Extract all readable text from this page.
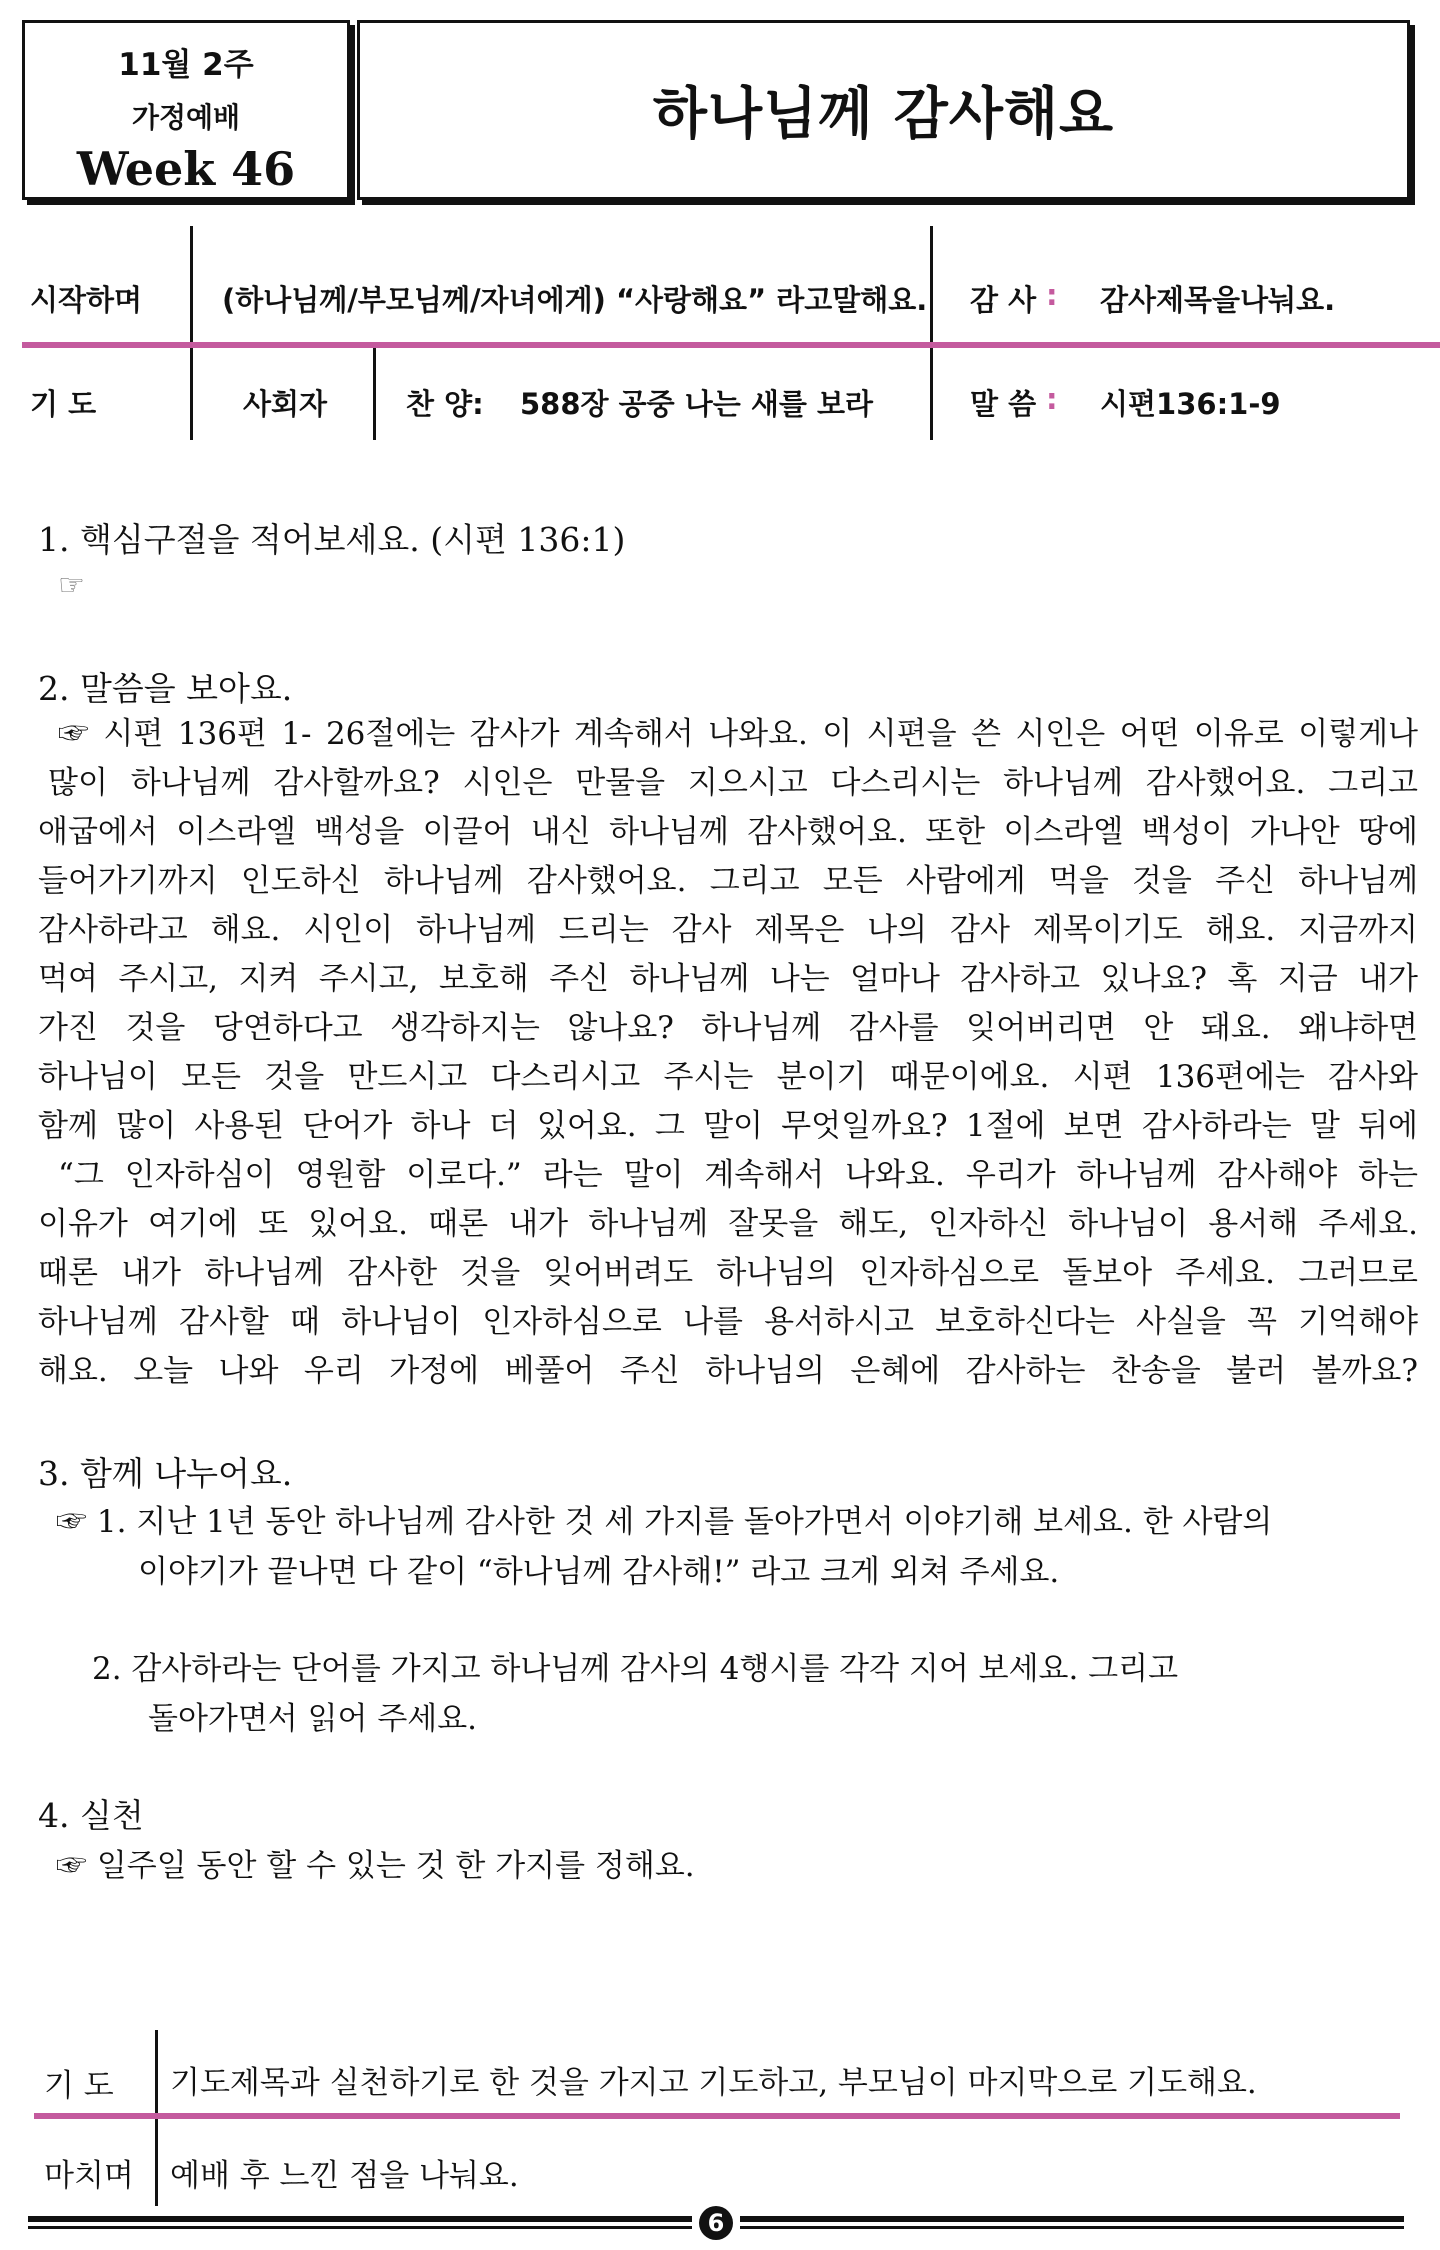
11월 2주
가정예배
Week 46
하나님께 감사해요
시작하며	(하나님께/부모님께/자녀에게) “사랑해요” 라고말해요. 감 사 : 감사제목을나눠요.
기 도	사회자	찬 양: 588장 공중 나는 새를 보라	말 씀 : 시편136:1-9
1. 핵심구절을 적어보세요. (시편 136:1)
☞
2. 말씀을 보아요.
☞ 시편 136편 1- 26절에는 감사가 계속해서 나와요. 이 시편을 쓴 시인은 어떤 이유로 이렇게나
많이 하나님께 감사할까요? 시인은 만물을 지으시고 다스리시는 하나님께 감사했어요. 그리고
애굽에서 이스라엘 백성을 이끌어 내신 하나님께 감사했어요. 또한 이스라엘 백성이 가나안 땅에
들어가기까지 인도하신 하나님께 감사했어요. 그리고 모든 사람에게 먹을 것을 주신 하나님께
감사하라고 해요. 시인이 하나님께 드리는 감사 제목은 나의 감사 제목이기도 해요. 지금까지
먹여 주시고, 지켜 주시고, 보호해 주신 하나님께 나는 얼마나 감사하고 있나요? 혹 지금 내가
가진 것을 당연하다고 생각하지는 않나요? 하나님께 감사를 잊어버리면 안 돼요. 왜냐하면
하나님이 모든 것을 만드시고 다스리시고 주시는 분이기 때문이에요. 시편 136편에는 감사와
함께 많이 사용된 단어가 하나 더 있어요. 그 말이 무엇일까요? 1절에 보면 감사하라는 말 뒤에
“그 인자하심이 영원함 이로다.” 라는 말이 계속해서 나와요. 우리가 하나님께 감사해야 하는
이유가 여기에 또 있어요. 때론 내가 하나님께 잘못을 해도, 인자하신 하나님이 용서해 주세요.
때론 내가 하나님께 감사한 것을 잊어버려도 하나님의 인자하심으로 돌보아 주세요. 그러므로
하나님께 감사할 때 하나님이 인자하심으로 나를 용서하시고 보호하신다는 사실을 꼭 기억해야
해요. 오늘 나와 우리 가정에 베풀어 주신 하나님의 은혜에 감사하는 찬송을 불러 볼까요?
3. 함께 나누어요.
☞ 1. 지난 1년 동안 하나님께 감사한 것 세 가지를 돌아가면서 이야기해 보세요. 한 사람의
이야기가 끝나면 다 같이 “하나님께 감사해!” 라고 크게 외쳐 주세요.
2. 감사하라는 단어를 가지고 하나님께 감사의 4행시를 각각 지어 보세요. 그리고
돌아가면서 읽어 주세요.
4. 실천
☞ 일주일 동안 할 수 있는 것 한 가지를 정해요.
기 도 기도제목과 실천하기로 한 것을 가지고 기도하고, 부모님이 마지막으로 기도해요.
마치며 예배 후 느낀 점을 나눠요.
6
